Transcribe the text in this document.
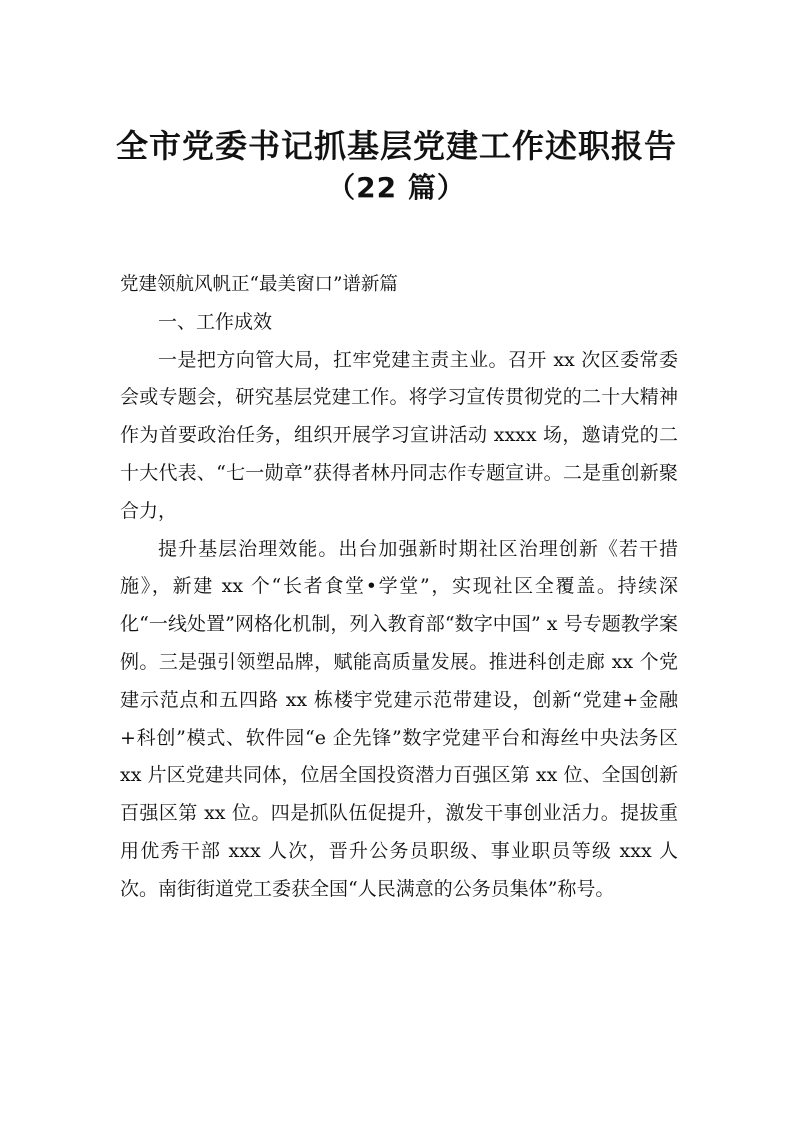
全市党委书记抓基层党建工作述职报告
（22 篇）

党建领航风帆正“最美窗口”谱新篇

一、工作成效

一是把方向管大局，扛牢党建主责主业。召开 xx 次区委常委会或专题会，研究基层党建工作。将学习宣传贯彻党的二十大精神作为首要政治任务，组织开展学习宣讲活动 xxxx 场，邀请党的二十大代表、“七一勋章”获得者林丹同志作专题宣讲。二是重创新聚合力，

提升基层治理效能。出台加强新时期社区治理创新《若干措施》，新建 xx 个“长者食堂•学堂”，实现社区全覆盖。持续深化“一线处置”网格化机制，列入教育部“数字中国” x 号专题教学案例。三是强引领塑品牌，赋能高质量发展。推进科创走廊 xx 个党建示范点和五四路 xx 栋楼宇党建示范带建设，创新“党建+金融+科创”模式、软件园“e 企先锋”数字党建平台和海丝中央法务区 xx 片区党建共同体，位居全国投资潜力百强区第 xx 位、全国创新百强区第 xx 位。四是抓队伍促提升，激发干事创业活力。提拔重用优秀干部 xxx 人次，晋升公务员职级、事业职员等级 xxx 人次。南街街道党工委获全国“人民满意的公务员集体”称号。
